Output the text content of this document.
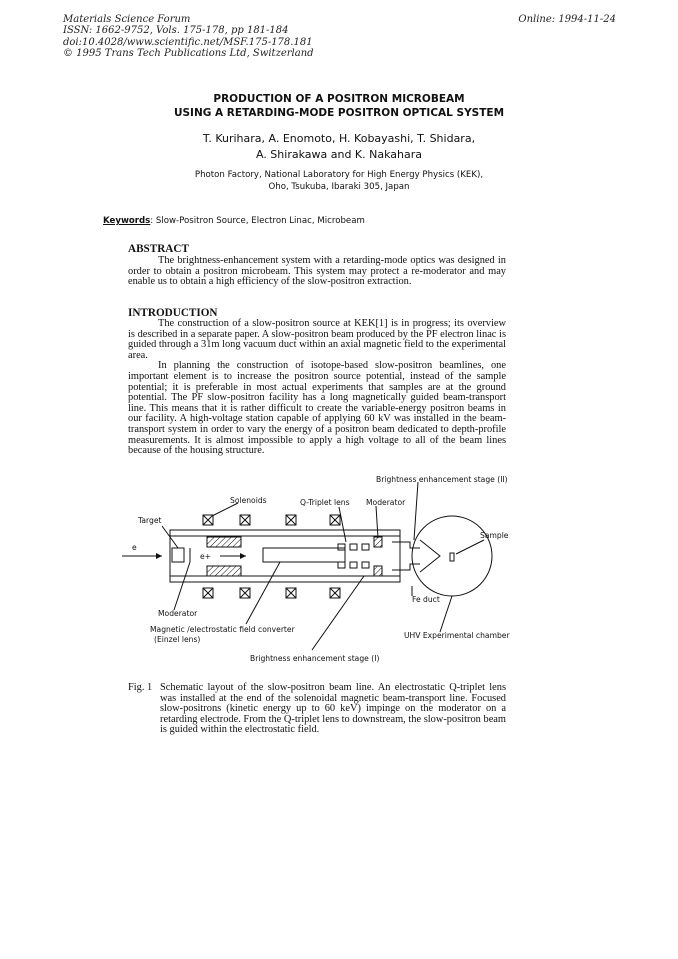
Materials Science Forum
ISSN: 1662-9752, Vols. 175-178, pp 181-184
doi:10.4028/www.scientific.net/MSF.175-178.181
© 1995 Trans Tech Publications Ltd, Switzerland
Online: 1994-11-24
PRODUCTION OF A POSITRON MICROBEAM
USING A RETARDING-MODE POSITRON OPTICAL SYSTEM
T. Kurihara, A. Enomoto, H. Kobayashi, T. Shidara,
A. Shirakawa and K. Nakahara
Photon Factory, National Laboratory for High Energy Physics (KEK),
Oho, Tsukuba, Ibaraki 305, Japan
Keywords: Slow-Positron Source, Electron Linac, Microbeam
ABSTRACT

The brightness-enhancement system with a retarding-mode optics was designed in order to obtain a positron microbeam. This system may protect a re-moderator and may enable us to obtain a high efficiency of the slow-positron extraction.

INTRODUCTION

The construction of a slow-positron source at KEK[1] is in progress; its overview is described in a separate paper. A slow-positron beam produced by the PF electron linac is guided through a 31m long vacuum duct within an axial magnetic field to the experimental area.

In planning the construction of isotope-based slow-positron beamlines, one important element is to increase the positron source potential, instead of the sample potential; it is preferable in most actual experiments that samples are at the ground potential. The PF slow-positron facility has a long magnetically guided beam-transport line. This means that it is rather difficult to create the variable-energy positron beams in our facility. A high-voltage station capable of applying 60 kV was installed in the beam-transport system in order to vary the energy of a positron beam dedicated to depth-profile measurements. It is almost impossible to apply a high voltage to all of the beam lines because of the housing structure.

Brightness enhancement stage (II)
Solenoids	Q-Triplet lens Moderator
Target
Sample
e
e+
Fe duct
Moderator
Magnetic /electrostatic field converter
(Einzel lens)	UHV Experimental chamber
Brightness enhancement stage (I)
Fig. 1 Schematic layout of the slow-positron beam line. An electrostatic Q-triplet lens was installed at the end of the solenoidal magnetic beam-transport line. Focused slow-positrons (kinetic energy up to 60 keV) impinge on the moderator on a retarding electrode. From the Q-triplet lens to downstream, the slow-positron beam is guided within the electrostatic field.
